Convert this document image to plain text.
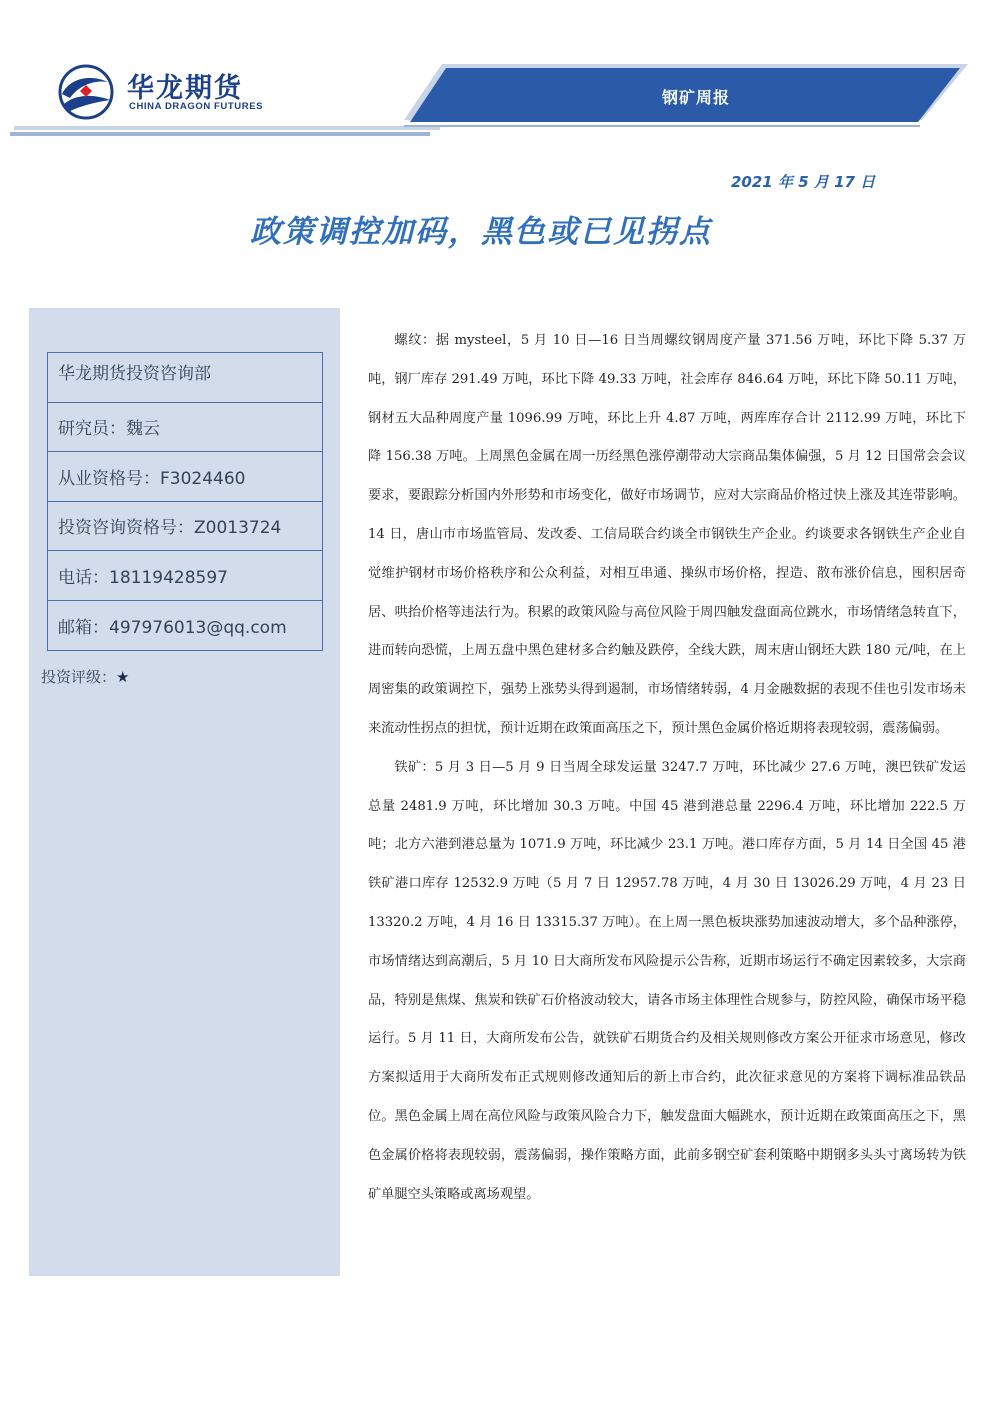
华龙期货
CHINA DRAGON FUTURES	钢矿周报
2021 年 5 月 17 日
政策调控加码，黑色或已见拐点
华龙期货投资咨询部
研究员：魏云
从业资格号：F3024460
投资咨询资格号：Z0013724
电话：18119428597
邮箱：497976013@qq.com
投资评级：★

螺纹：据 mysteel，5 月 10 日—16 日当周螺纹钢周度产量 371.56 万吨，环比下降 5.37 万吨，钢厂库存 291.49 万吨，环比下降 49.33 万吨，社会库存 846.64 万吨，环比下降 50.11 万吨，钢材五大品种周度产量 1096.99 万吨，环比上升 4.87 万吨，两库库存合计 2112.99 万吨，环比下降 156.38 万吨。上周黑色金属在周一历经黑色涨停潮带动大宗商品集体偏强，5 月 12 日国常会会议要求，要跟踪分析国内外形势和市场变化，做好市场调节，应对大宗商品价格过快上涨及其连带影响。14 日，唐山市市场监管局、发改委、工信局联合约谈全市钢铁生产企业。约谈要求各钢铁生产企业自觉维护钢材市场价格秩序和公众利益，对相互串通、操纵市场价格，捏造、散布涨价信息，囤积居奇居、哄抬价格等违法行为。积累的政策风险与高位风险于周四触发盘面高位跳水，市场情绪急转直下，进而转向恐慌，上周五盘中黑色建材多合约触及跌停，全线大跌，周末唐山钢坯大跌 180 元/吨，在上周密集的政策调控下，强势上涨势头得到遏制，市场情绪转弱，4 月金融数据的表现不佳也引发市场未来流动性拐点的担忧，预计近期在政策面高压之下，预计黑色金属价格近期将表现较弱，震荡偏弱。

铁矿：5 月 3 日—5 月 9 日当周全球发运量 3247.7 万吨，环比减少 27.6 万吨，澳巴铁矿发运总量 2481.9 万吨，环比增加 30.3 万吨。中国 45 港到港总量 2296.4 万吨，环比增加 222.5 万吨；北方六港到港总量为 1071.9 万吨，环比减少 23.1 万吨。港口库存方面，5 月 14 日全国 45 港铁矿港口库存 12532.9 万吨（5 月 7 日 12957.78 万吨，4 月 30 日 13026.29 万吨，4 月 23 日 13320.2 万吨，4 月 16 日 13315.37 万吨）。在上周一黑色板块涨势加速波动增大，多个品种涨停，市场情绪达到高潮后，5 月 10 日大商所发布风险提示公告称，近期市场运行不确定因素较多，大宗商品，特别是焦煤、焦炭和铁矿石价格波动较大，请各市场主体理性合规参与，防控风险，确保市场平稳运行。5 月 11 日，大商所发布公告，就铁矿石期货合约及相关规则修改方案公开征求市场意见，修改方案拟适用于大商所发布正式规则修改通知后的新上市合约，此次征求意见的方案将下调标准品铁品位。黑色金属上周在高位风险与政策风险合力下，触发盘面大幅跳水，预计近期在政策面高压之下，黑色金属价格将表现较弱，震荡偏弱，操作策略方面，此前多钢空矿套利策略中期钢多头头寸离场转为铁矿单腿空头策略或离场观望。
